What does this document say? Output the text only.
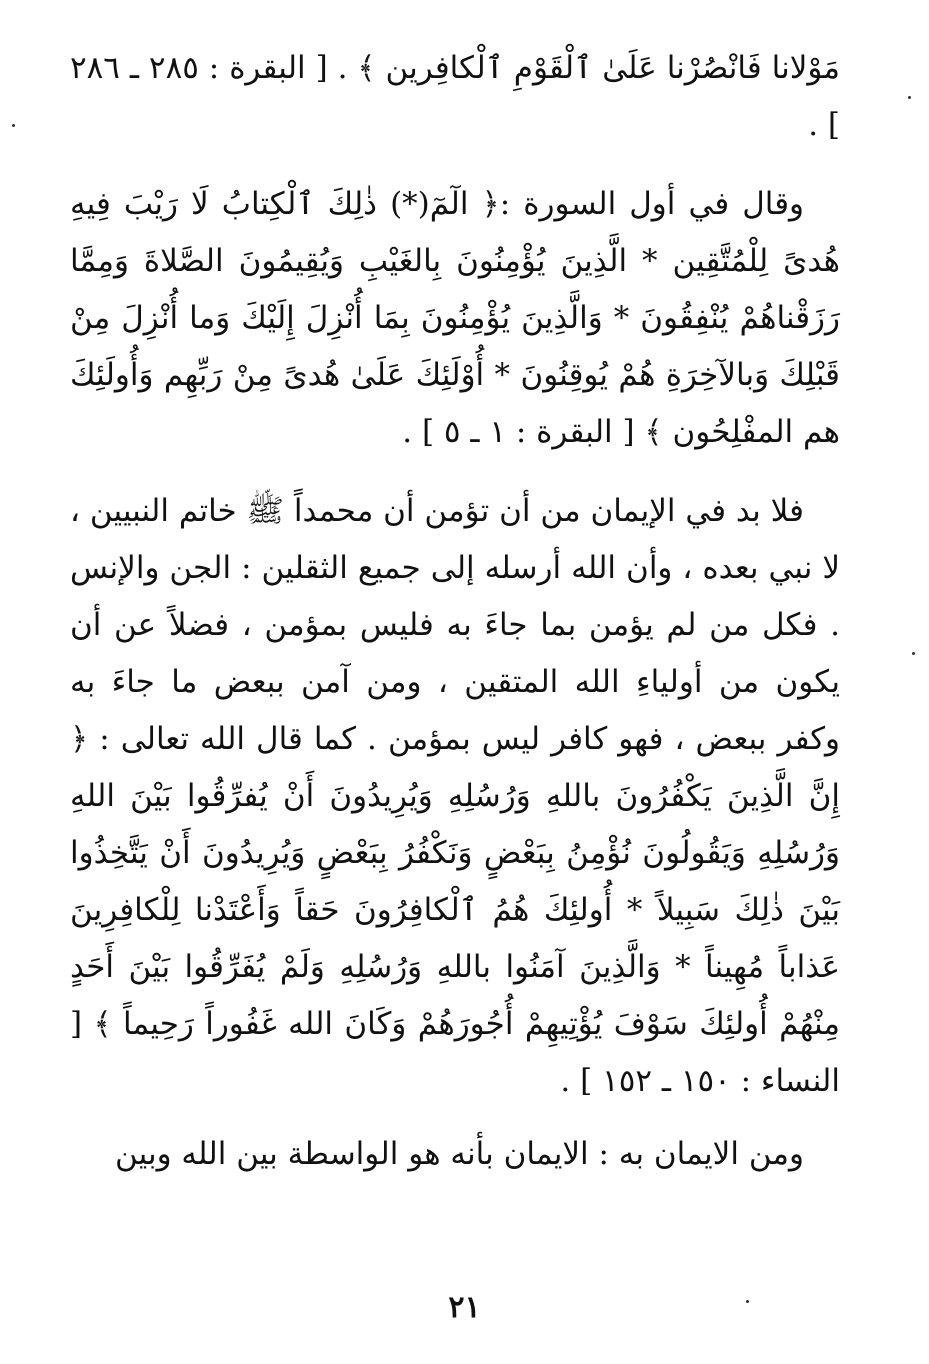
مَوْلانا فَانْصُرْنا عَلَىٰ ٱلْقَوْمِ ٱلْكافِرين ﴾ . [ البقرة : ٢٨٥ ـ ٢٨٦ ] .

وقال في أول السورة :﴿ الٓمٓ(*) ذٰلِكَ ٱلْكِتابُ لَا رَيْبَ فِيهِ هُدىً لِلْمُتَّقِين * الَّذِينَ يُؤْمِنُونَ بِالغَيْبِ وَيُقِيمُونَ الصَّلاةَ وَمِمَّا رَزَقْناهُمْ يُنْفِقُونَ * وَالَّذِينَ يُؤْمِنُونَ بِمَا أُنْزِلَ إِلَيْكَ وَما أُنْزِلَ مِنْ قَبْلِكَ وَبالآخِرَةِ هُمْ يُوقِنُونَ * أُوْلَئِكَ عَلَىٰ هُدىً مِنْ رَبِّهِم وَأُولَئِكَ هم المفْلِحُون ﴾ [ البقرة : ١ ـ ٥ ] .

فلا بد في الإيمان من أن تؤمن أن محمداً ﷺ خاتم النبيين ، لا نبي بعده ، وأن الله أرسله إلى جميع الثقلين : الجن والإنس . فكل من لم يؤمن بما جاءَ به فليس بمؤمن ، فضلاً عن أن يكون من أولياءِ الله المتقين ، ومن آمن ببعض ما جاءَ به وكفر ببعض ، فهو كافر ليس بمؤمن . كما قال الله تعالى : ﴿ إِنَّ الَّذِينَ يَكْفُرُونَ باللهِ وَرُسُلِهِ وَيُرِيدُونَ أَنْ يُفرِّقُوا بَيْنَ اللهِ وَرُسُلِهِ وَيَقُولُونَ نُؤْمِنُ بِبَعْضٍ وَنَكْفُرُ بِبَعْضٍ وَيُرِيدُونَ أَنْ يَتَّخِذُوا بَيْنَ ذٰلِكَ سَبِيلاً * أُولئِكَ هُمُ ٱلْكافِرُونَ حَقاً وَأَعْتَدْنا لِلْكافِرِينَ عَذاباً مُهِيناً * وَالَّذِينَ آمَنُوا باللهِ وَرُسُلِهِ وَلَمْ يُفَرِّقُوا بَيْنَ أَحَدٍ مِنْهُمْ أُولئِكَ سَوْفَ يُؤْتِيهِمْ أُجُورَهُمْ وَكَانَ الله غَفُوراً رَحِيماً ﴾ [ النساء : ١٥٠ ـ ١٥٢ ] .

ومن الايمان به : الايمان بأنه هو الواسطة بين الله وبين

٢١
